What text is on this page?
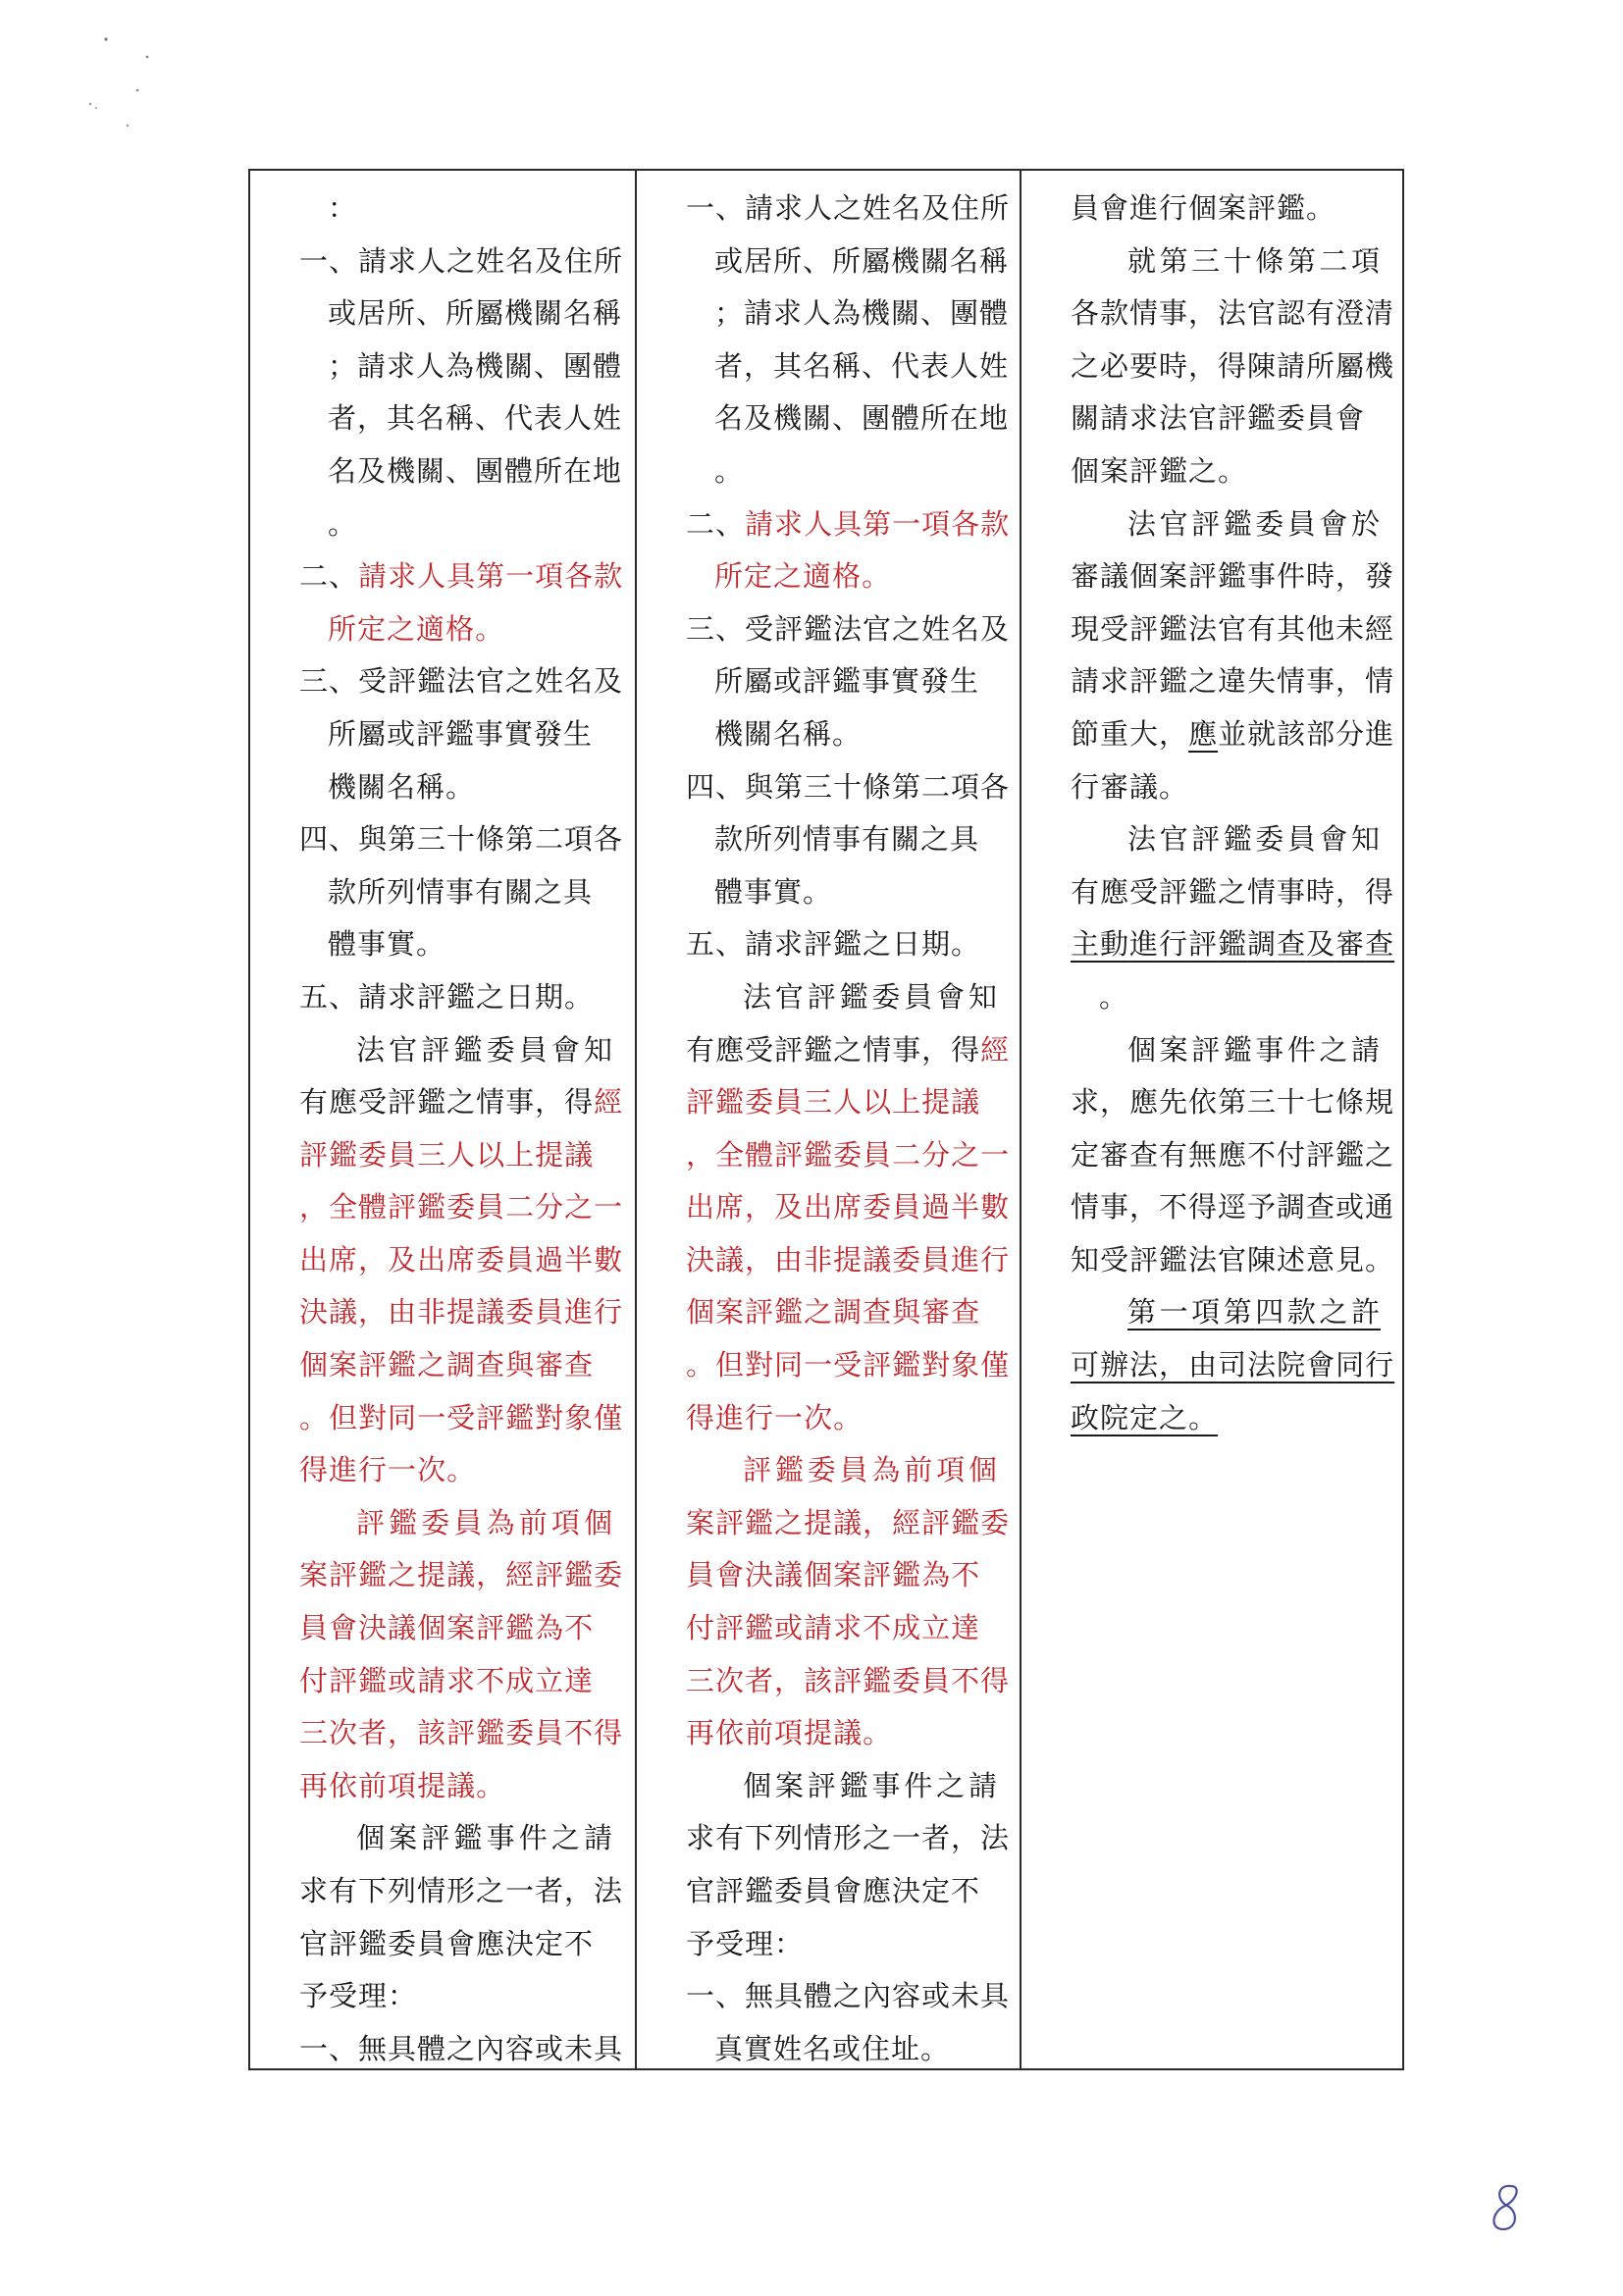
：
一、請求人之姓名及住所
或居所、所屬機關名稱
；請求人為機關、團體
者，其名稱、代表人姓
名及機關、團體所在地
。
二、請求人具第一項各款
所定之適格。
三、受評鑑法官之姓名及
所屬或評鑑事實發生
機關名稱。
四、與第三十條第二項各
款所列情事有關之具
體事實。
五、請求評鑑之日期。
法官評鑑委員會知
有應受評鑑之情事，得經
評鑑委員三人以上提議
，全體評鑑委員二分之一
出席，及出席委員過半數
決議，由非提議委員進行
個案評鑑之調查與審查
。但對同一受評鑑對象僅
得進行一次。
評鑑委員為前項個
案評鑑之提議，經評鑑委
員會決議個案評鑑為不
付評鑑或請求不成立達
三次者，該評鑑委員不得
再依前項提議。
個案評鑑事件之請
求有下列情形之一者，法
官評鑑委員會應決定不
予受理：
一、無具體之內容或未具
一、請求人之姓名及住所
或居所、所屬機關名稱
；請求人為機關、團體
者，其名稱、代表人姓
名及機關、團體所在地
。
二、請求人具第一項各款
所定之適格。
三、受評鑑法官之姓名及
所屬或評鑑事實發生
機關名稱。
四、與第三十條第二項各
款所列情事有關之具
體事實。
五、請求評鑑之日期。
法官評鑑委員會知
有應受評鑑之情事，得經
評鑑委員三人以上提議
，全體評鑑委員二分之一
出席，及出席委員過半數
決議，由非提議委員進行
個案評鑑之調查與審查
。但對同一受評鑑對象僅
得進行一次。
評鑑委員為前項個
案評鑑之提議，經評鑑委
員會決議個案評鑑為不
付評鑑或請求不成立達
三次者，該評鑑委員不得
再依前項提議。
個案評鑑事件之請
求有下列情形之一者，法
官評鑑委員會應決定不
予受理：
一、無具體之內容或未具
真實姓名或住址。
員會進行個案評鑑。
就第三十條第二項
各款情事，法官認有澄清
之必要時，得陳請所屬機
關請求法官評鑑委員會
個案評鑑之。
法官評鑑委員會於
審議個案評鑑事件時，發
現受評鑑法官有其他未經
請求評鑑之違失情事，情
節重大，應並就該部分進
行審議。
法官評鑑委員會知
有應受評鑑之情事時，得
主動進行評鑑調查及審查
。
個案評鑑事件之請
求，應先依第三十七條規
定審查有無應不付評鑑之
情事，不得逕予調查或通
知受評鑑法官陳述意見。
第一項第四款之許
可辦法，由司法院會同行
政院定之。
